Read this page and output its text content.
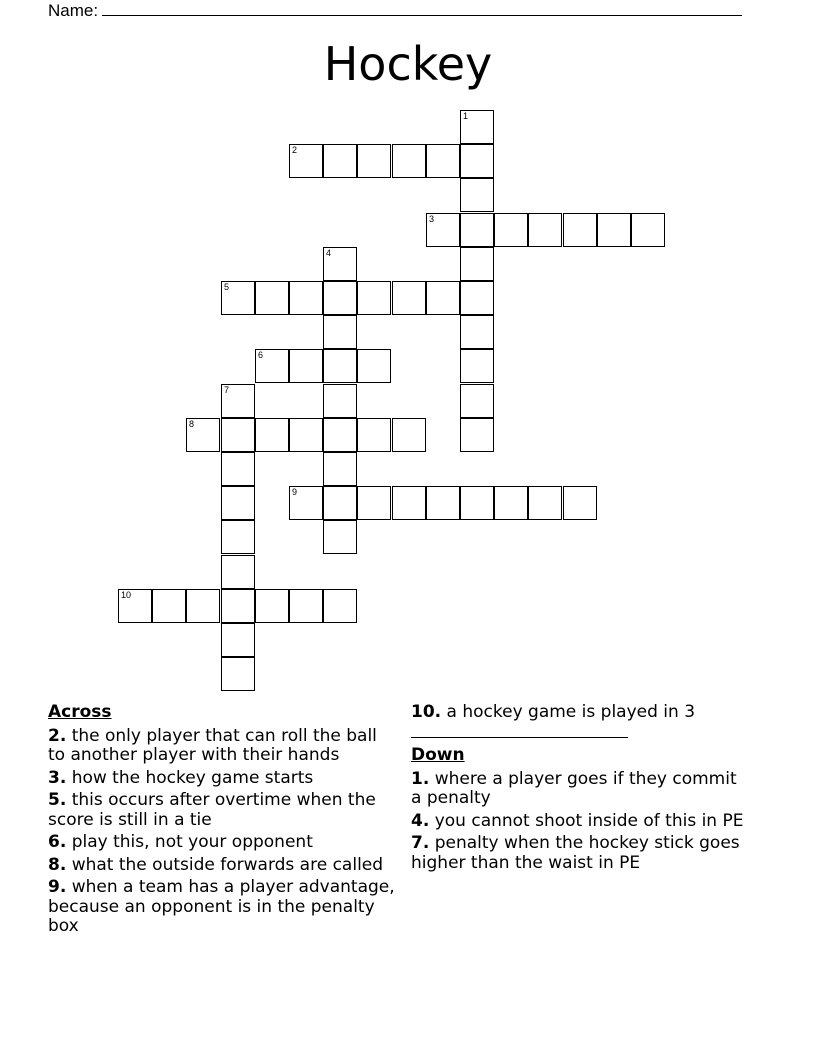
Name:
Hockey
1
2
3
4
5
6
7
8
9
10
Across
2. the only player that can roll the ball to another player with their hands
3. how the hockey game starts
5. this occurs after overtime when the score is still in a tie
6. play this, not your opponent
8. what the outside forwards are called
9. when a team has a player advantage, because an opponent is in the penalty box
10. a hockey game is played in 3
Down
1. where a player goes if they commit a penalty
4. you cannot shoot inside of this in PE
7. penalty when the hockey stick goes higher than the waist in PE
